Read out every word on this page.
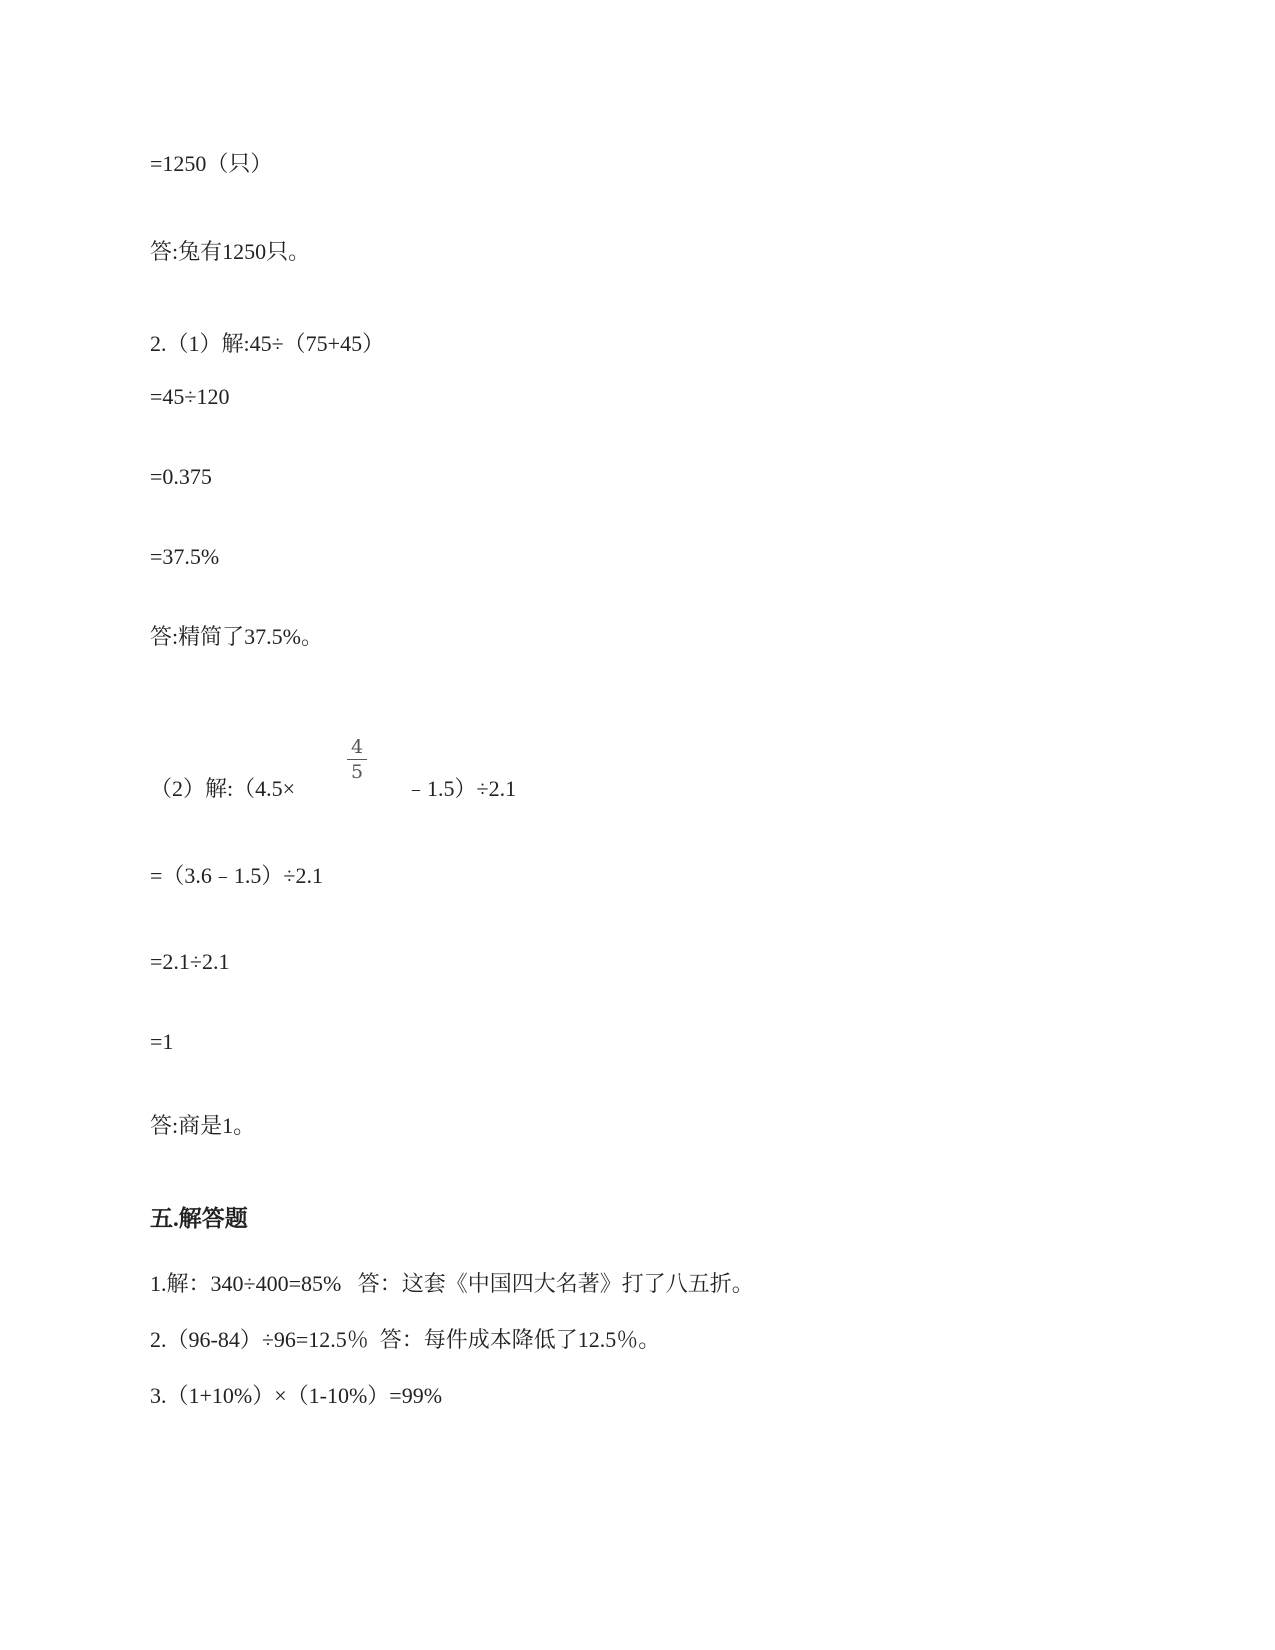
=1250（只）
答:兔有1250只。
2.（1）解:45÷（75+45）
=45÷120
=0.375
=37.5%
答:精简了37.5%。
（2）解:（4.5×
4
5
﹣1.5）÷2.1
=（3.6﹣1.5）÷2.1
=2.1÷2.1
=1
答:商是1。
五.解答题
1.解：340÷400=85%   答：这套《中国四大名著》打了八五折。
2.（96-84）÷96=12.5％  答：每件成本降低了12.5％。
3.（1+10%）×（1-10%）=99%
